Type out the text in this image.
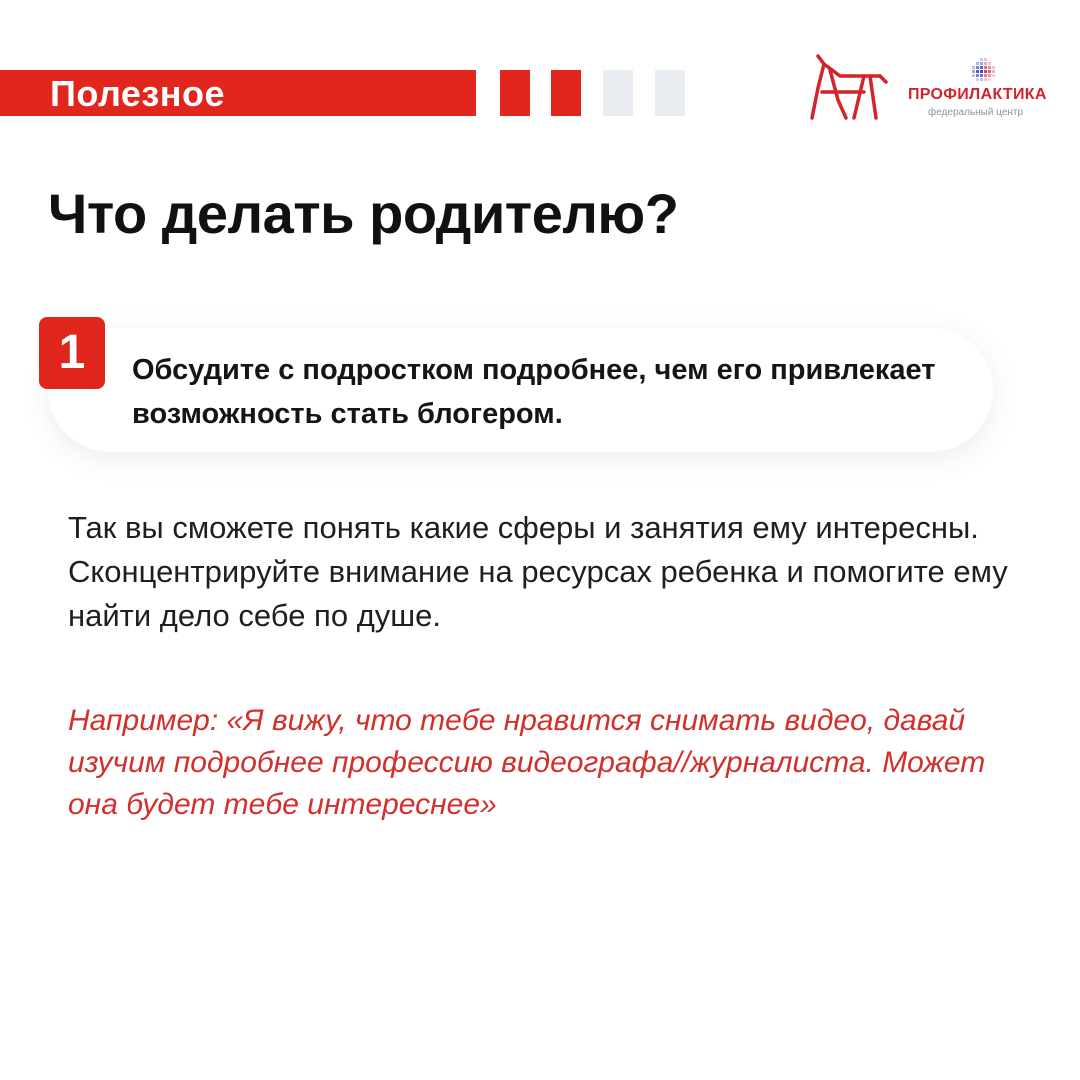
Полезное	ПРОФИЛАКТИКА
федеральный центр
Что делать родителю?
Обсудите с подростком подробнее, чем его привлекает возможность стать блогером.
1
Так вы сможете понять какие сферы и занятия ему интересны. Сконцентрируйте внимание на ресурсах ребенка и помогите ему найти дело себе по душе.
Например: «Я вижу, что тебе нравится снимать видео, давай изучим подробнее профессию видеографа//журналиста. Может она будет тебе интереснее»
